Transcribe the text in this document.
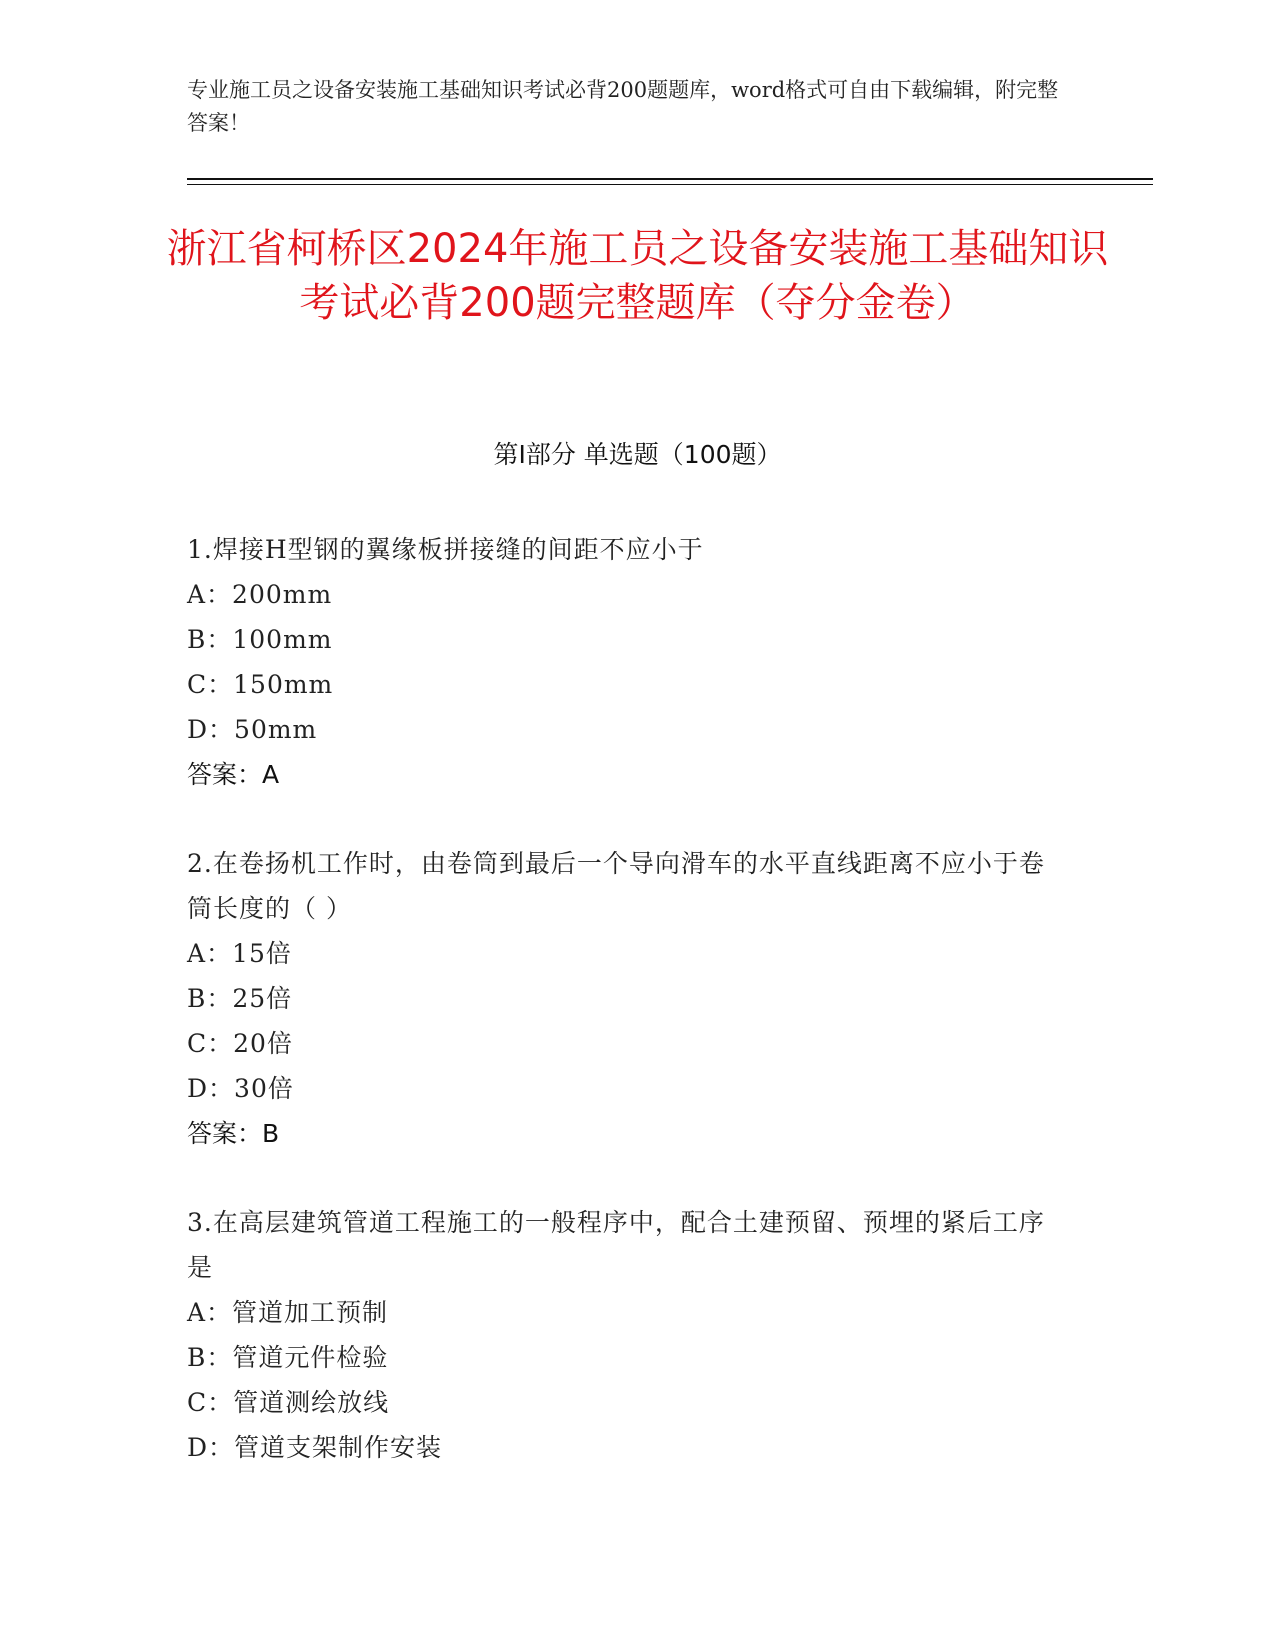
专业施工员之设备安装施工基础知识考试必背200题题库，word格式可自由下载编辑，附完整答案！
浙江省柯桥区2024年施工员之设备安装施工基础知识考试必背200题完整题库（夺分金卷）
第Ⅰ部分 单选题（100题）
1.焊接H型钢的翼缘板拼接缝的间距不应小于
A：200mm
B：100mm
C：150mm
D：50mm
答案：A
2.在卷扬机工作时，由卷筒到最后一个导向滑车的水平直线距离不应小于卷筒长度的（ ）
A：15倍
B：25倍
C：20倍
D：30倍
答案：B
3.在高层建筑管道工程施工的一般程序中，配合土建预留、预埋的紧后工序是
A：管道加工预制
B：管道元件检验
C：管道测绘放线
D：管道支架制作安装
